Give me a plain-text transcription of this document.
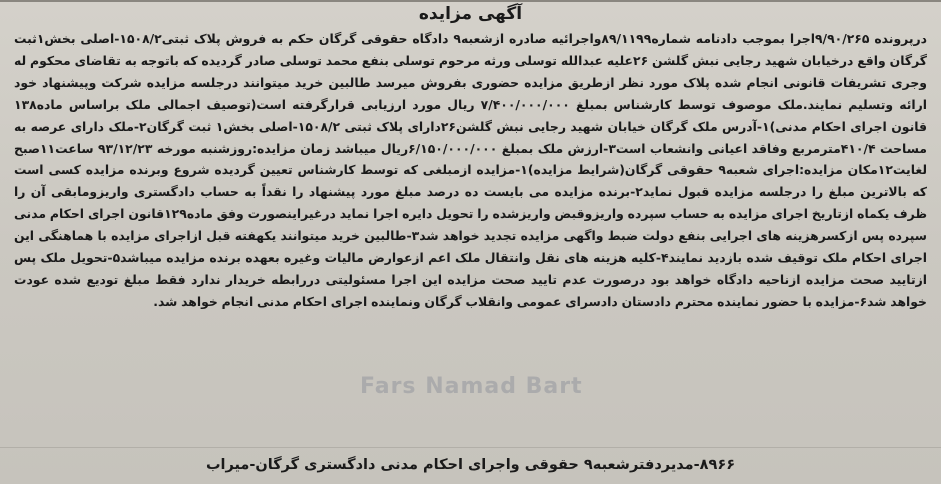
آگهی مزایده
درپرونده ۹/۹۰/۲۶۵اجرا بموجب دادنامه شماره۸۹/۱۱۹۹واجرائیه صادره ازشعبه۹ دادگاه حقوقی گرگان حکم به فروش پلاک ثبتی۱۵۰۸/۲-اصلی بخش۱ثبت گرگان واقع درخیابان شهید رجایی نبش گلشن ۲۶علیه عبدالله توسلی ورثه مرحوم توسلی بنفع محمد توسلی صادر گردیده که باتوجه به تقاضای محکوم له وجری تشریفات قانونی انجام شده پلاک مورد نظر ازطریق مزایده حضوری بفروش میرسد طالبین خرید میتوانند درجلسه مزایده شرکت وپیشنهاد خود ارائه وتسلیم نمایند.ملک موصوف توسط کارشناس بمبلغ ۷/۴۰۰/۰۰۰/۰۰۰ ریال مورد ارزیابی قرارگرفته است(توصیف اجمالی ملک براساس ماده۱۳۸ قانون اجرای احکام مدنی)۱-آدرس ملک گرگان خیابان شهید رجایی نبش گلشن۲۶دارای پلاک ثبتی ۱۵۰۸/۲-اصلی بخش۱ ثبت گرگان۲-ملک دارای عرصه به مساحت ۴۱۰/۴مترمربع وفاقد اعیانی وانشعاب است۳-ارزش ملک بمبلغ ۶/۱۵۰/۰۰۰/۰۰۰ریال میباشد زمان مزایده:روزشنبه مورخه ۹۳/۱۲/۲۳ ساعت۱۱صبح لغایت۱۲مکان مزایده:اجرای شعبه۹ حقوقی گرگان(شرایط مزایده)۱-مزایده ازمبلغی که توسط کارشناس تعیین گردیده شروع وبرنده مزایده کسی است که بالاترین مبلغ را درجلسه مزایده قبول نماید۲-برنده مزایده می بایست ده درصد مبلغ مورد پیشنهاد را نقداً به حساب دادگستری واریزومابقی آن را ظرف یکماه ازتاریخ اجرای مزایده به حساب سپرده واریزوقبض واریزشده را تحویل دایره اجرا نماید درغیراینصورت وفق ماده۱۲۹قانون اجرای احکام مدنی سپرده پس ازکسرهزینه های اجرایی بنفع دولت ضبط واگهی مزایده تجدید خواهد شد۳-طالبین خرید میتوانند یکهفته قبل ازاجرای مزایده با هماهنگی این اجرای احکام ملک توقیف شده بازدید نمایند۴-کلیه هزینه های نقل وانتقال ملک اعم ازعوارض مالیات وغیره بعهده برنده مزایده میباشد۵-تحویل ملک پس ازتایید صحت مزایده ازناحیه دادگاه خواهد بود درصورت عدم تایید صحت مزایده این اجرا مسئولیتی دررابطه خریدار ندارد فقط مبلغ تودیع شده عودت خواهد شد۶-مزایده با حضور نماینده محترم دادستان دادسرای عمومی وانقلاب گرگان ونماینده اجرای احکام مدنی انجام خواهد شد.
Fars Namad Bart
۸۹۶۶-مدیردفترشعبه۹ حقوقی واجرای احکام مدنی دادگستری گرگان-میراب
